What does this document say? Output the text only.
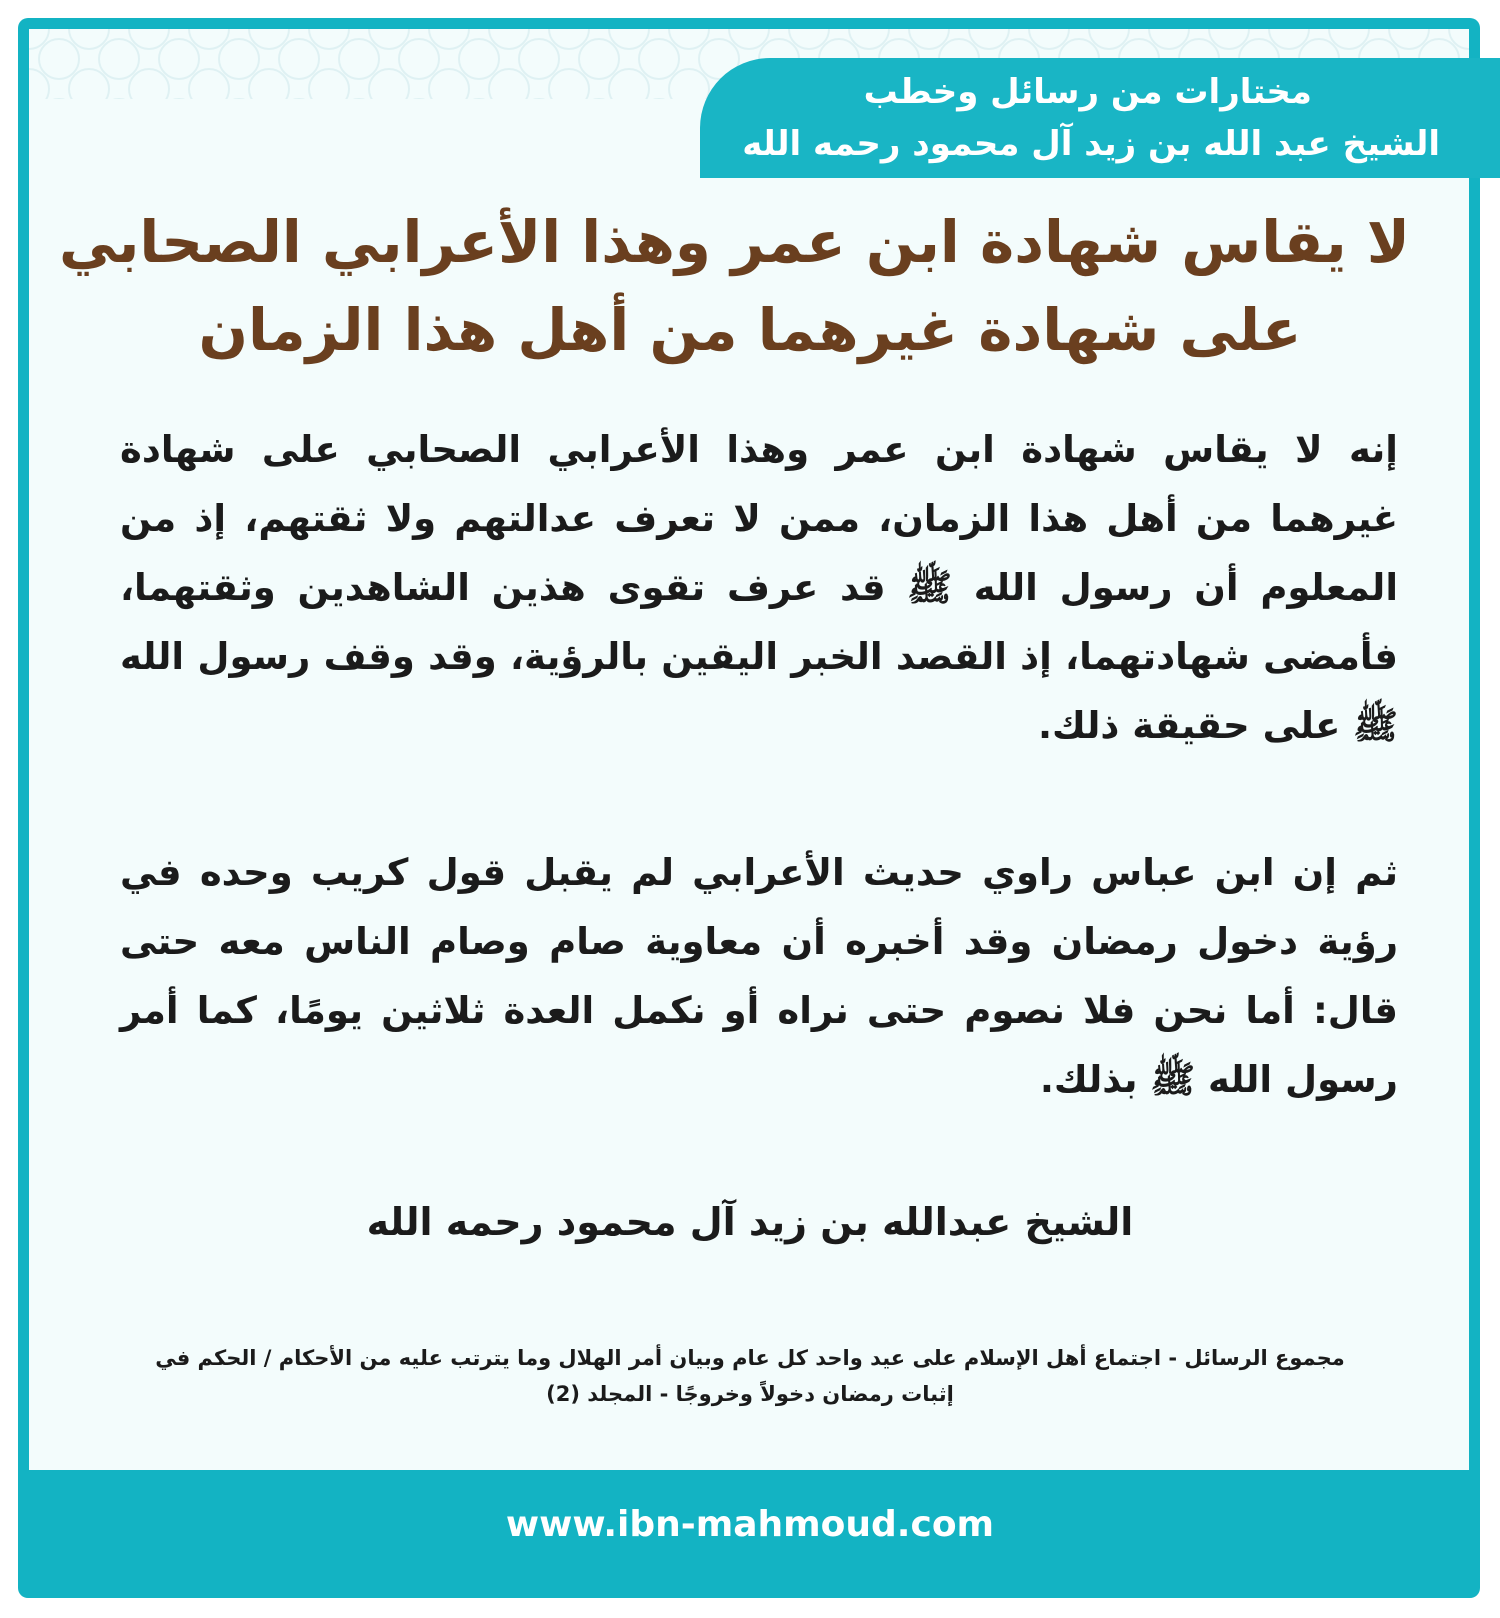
مختارات من رسائل وخطب
الشيخ عبد الله بن زيد آل محمود رحمه الله
لا يقاس شهادة ابن عمر وهذا الأعرابي الصحابي
على شهادة غيرهما من أهل هذا الزمان
إنه لا يقاس شهادة ابن عمر وهذا الأعرابي الصحابي على شهادة غيرهما من أهل هذا الزمان، ممن لا تعرف عدالتهم ولا ثقتهم، إذ من المعلوم أن رسول الله ﷺ قد عرف تقوى هذين الشاهدين وثقتهما، فأمضى شهادتهما، إذ القصد الخبر اليقين بالرؤية، وقد وقف رسول الله ﷺ على حقيقة ذلك.
ثم إن ابن عباس راوي حديث الأعرابي لم يقبل قول كريب وحده في رؤية دخول رمضان وقد أخبره أن معاوية صام وصام الناس معه حتى قال: أما نحن فلا نصوم حتى نراه أو نكمل العدة ثلاثين يومًا، كما أمر رسول الله ﷺ بذلك.
الشيخ عبدالله بن زيد آل محمود رحمه الله
مجموع الرسائل - اجتماع أهل الإسلام على عيد واحد كل عام وبيان أمر الهلال وما يترتب عليه من الأحكام / الحكم في
إثبات رمضان دخولاً وخروجًا - المجلد (2)
www.ibn-mahmoud.com
